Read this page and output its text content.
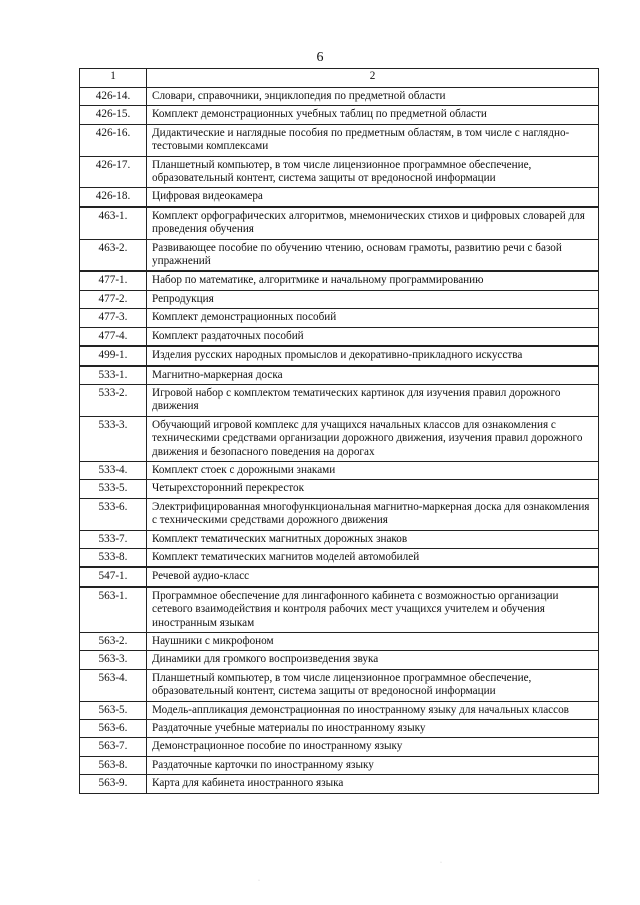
6
1	2
426-14.	Словари, справочники, энциклопедия по предметной области
426-15.	Комплект демонстрационных учебных таблиц по предметной области
426-16.	Дидактические и наглядные пособия по предметным областям, в том числе с наглядно-тестовыми комплексами
426-17.	Планшетный компьютер, в том числе лицензионное программное обеспечение, образовательный контент, система защиты от вредоносной информации
426-18.	Цифровая видеокамера
463-1.	Комплект орфографических алгоритмов, мнемонических стихов и цифровых словарей для проведения обучения
463-2.	Развивающее пособие по обучению чтению, основам грамоты, развитию речи с базой упражнений
477-1.	Набор по математике, алгоритмике и начальному программированию
477-2.	Репродукция
477-3.	Комплект демонстрационных пособий
477-4.	Комплект раздаточных пособий
499-1.	Изделия русских народных промыслов и декоративно-прикладного искусства
533-1.	Магнитно-маркерная доска
533-2.	Игровой набор с комплектом тематических картинок для изучения правил дорожного движения
533-3.	Обучающий игровой комплекс для учащихся начальных классов для ознакомления с техническими средствами организации дорожного движения, изучения правил дорожного движения и безопасного поведения на дорогах
533-4.	Комплект стоек с дорожными знаками
533-5.	Четырехсторонний перекресток
533-6.	Электрифицированная многофункциональная магнитно-маркерная доска для ознакомления с техническими средствами дорожного движения
533-7.	Комплект тематических магнитных дорожных знаков
533-8.	Комплект тематических магнитов моделей автомобилей
547-1.	Речевой аудио-класс
563-1.	Программное обеспечение для лингафонного кабинета с возможностью организации сетевого взаимодействия и контроля рабочих мест учащихся учителем и обучения иностранным языкам
563-2.	Наушники с микрофоном
563-3.	Динамики для громкого воспроизведения звука
563-4.	Планшетный компьютер, в том числе лицензионное программное обеспечение, образовательный контент, система защиты от вредоносной информации
563-5.	Модель-аппликация демонстрационная по иностранному языку для начальных классов
563-6.	Раздаточные учебные материалы по иностранному языку
563-7.	Демонстрационное пособие по иностранному языку
563-8.	Раздаточные карточки по иностранному языку
563-9.	Карта для кабинета иностранного языка
·
·
